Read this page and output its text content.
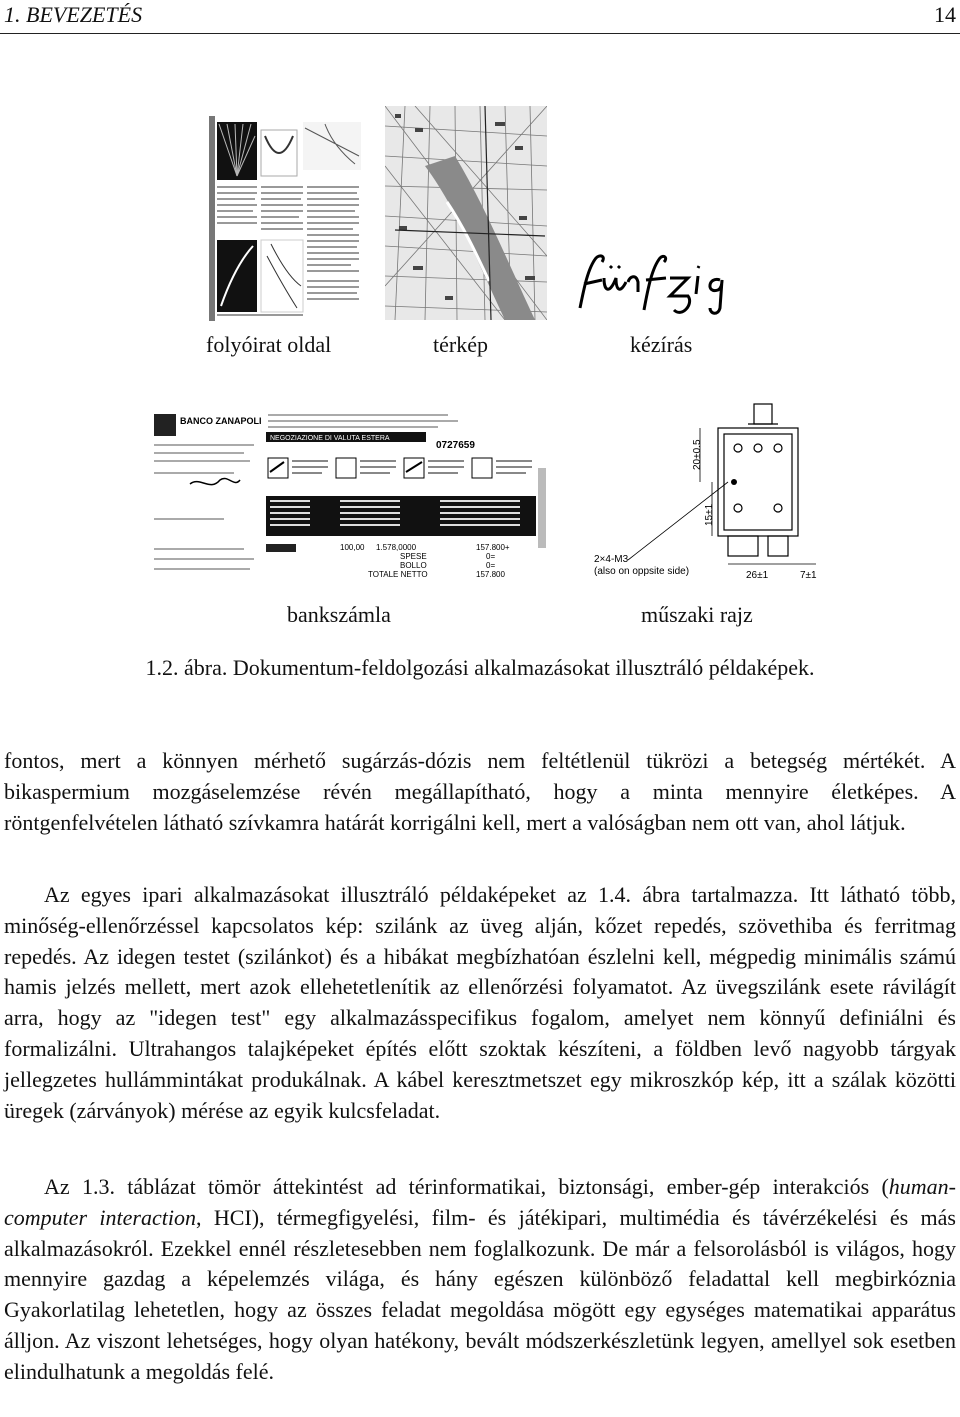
1. BEVEZETÉS	14
folyóirat oldal	térkép	kézírás
BANCO ZANAPOLI
NEGOZIAZIONE DI VALUTA ESTERA
0727659
100,00 1.578,0000	157.800+
SPESE	0=
BOLLO	0=
TOTALE NETTO	157.800
15±1
20±0.5
26±1	7±1
2×4-M3
(also on oppsite side)
bankszámla	műszaki rajz
1.2. ábra. Dokumentum-feldolgozási alkalmazásokat illusztráló példaképek.

fontos, mert a könnyen mérhető sugárzás-dózis nem feltétlenül tükrözi a betegség mértékét. A bikaspermium mozgáselemzése révén megállapítható, hogy a minta mennyire életképes. A röntgenfelvételen látható szívkamra határát korrigálni kell, mert a valóságban nem ott van, ahol látjuk.

Az egyes ipari alkalmazásokat illusztráló példaképeket az 1.4. ábra tartalmazza. Itt látható több, minőség-ellenőrzéssel kapcsolatos kép: szilánk az üveg alján, kőzet repedés, szövethiba és ferritmag repedés. Az idegen testet (szilánkot) és a hibákat megbízhatóan észlelni kell, mégpedig minimális számú hamis jelzés mellett, mert azok ellehetetlenítik az ellenőrzési folyamatot. Az üvegszilánk esete rávilágít arra, hogy az "idegen test" egy alkalmazásspecifikus fogalom, amelyet nem könnyű definiálni és formalizálni. Ultrahangos talajképeket építés előtt szoktak készíteni, a földben levő nagyobb tárgyak jellegzetes hullámmintákat produkálnak. A kábel keresztmetszet egy mikroszkóp kép, itt a szálak közötti üregek (zárványok) mérése az egyik kulcsfeladat.

Az 1.3. táblázat tömör áttekintést ad térinformatikai, biztonsági, ember-gép interakciós (human-computer interaction, HCI), térmegfigyelési, film- és játékipari, multimédia és távérzékelési és más alkalmazásokról. Ezekkel ennél részletesebben nem foglalkozunk. De már a felsorolásból is világos, hogy mennyire gazdag a képelemzés világa, és hány egészen különböző feladattal kell megbirkóznia Gyakorlatilag lehetetlen, hogy az összes feladat megoldása mögött egy egységes matematikai apparátus álljon. Az viszont lehetséges, hogy olyan hatékony, bevált módszerkészletünk legyen, amellyel sok esetben elindulhatunk a megoldás felé.
